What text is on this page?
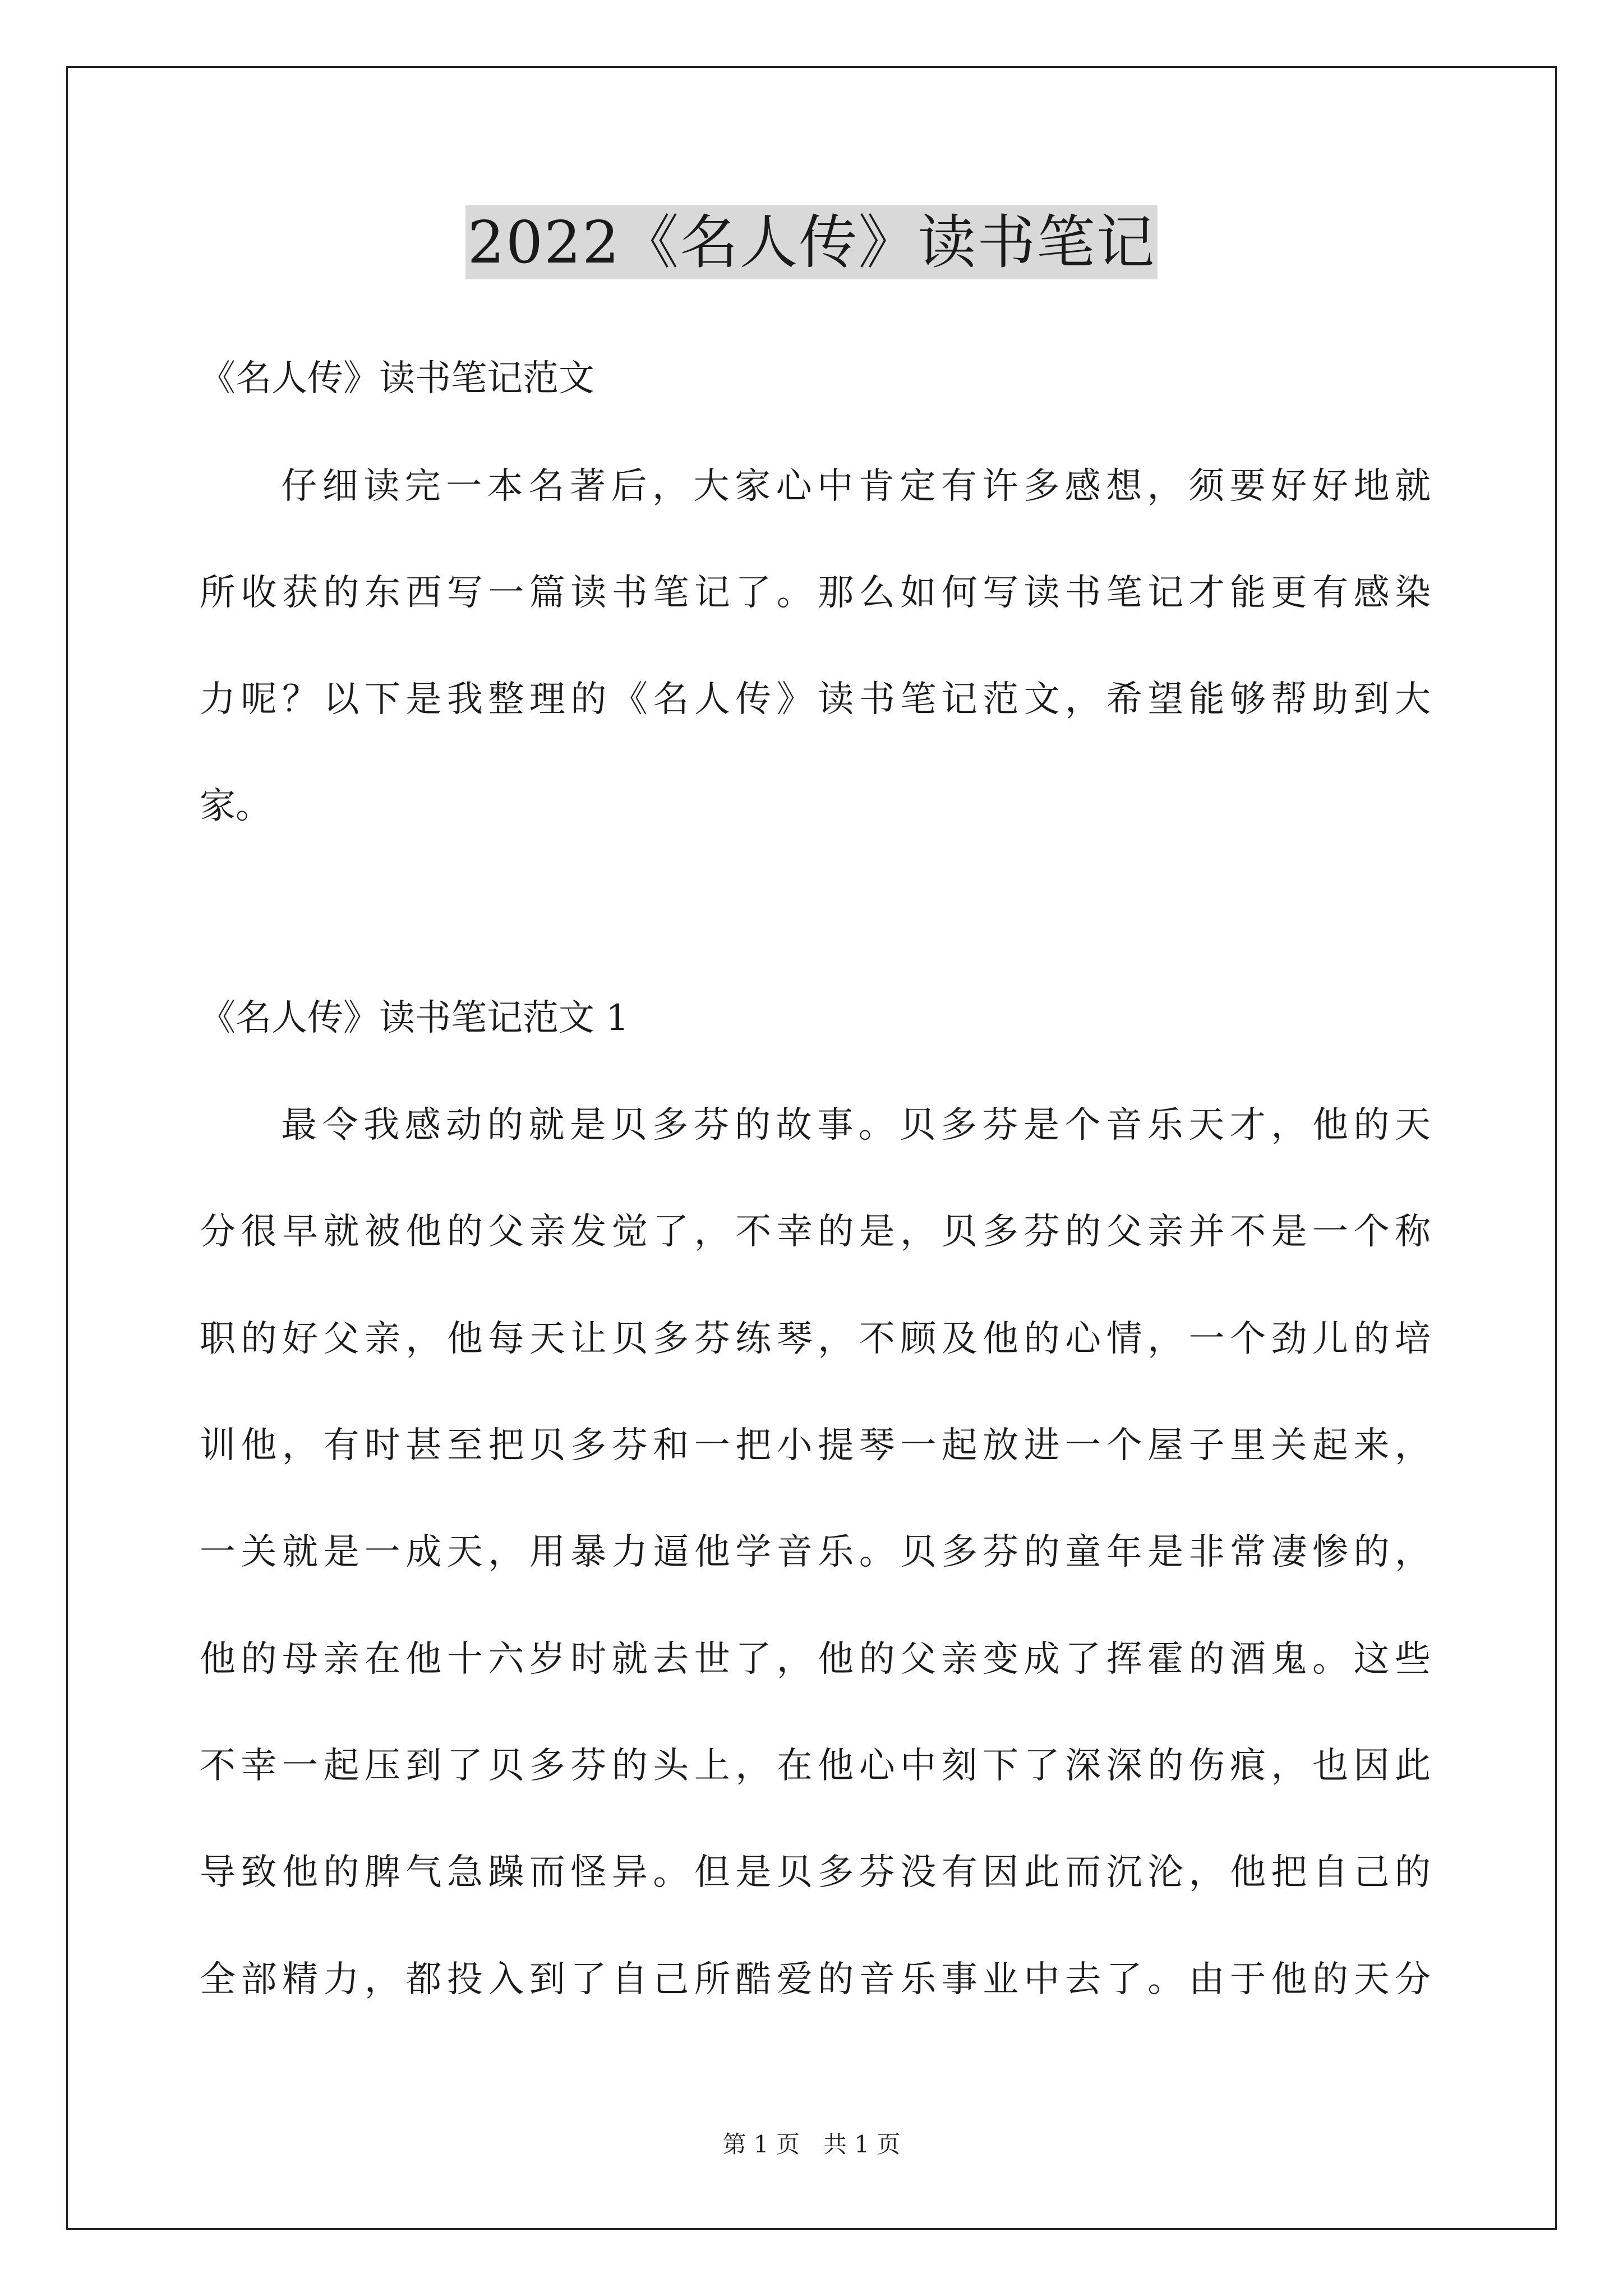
2022《名人传》读书笔记
《名人传》读书笔记范文
仔细读完一本名著后，大家心中肯定有许多感想，须要好好地就
所收获的东西写一篇读书笔记了。那么如何写读书笔记才能更有感染
力呢？以下是我整理的《名人传》读书笔记范文，希望能够帮助到大
家。
《名人传》读书笔记范文 1
最令我感动的就是贝多芬的故事。贝多芬是个音乐天才，他的天
分很早就被他的父亲发觉了，不幸的是，贝多芬的父亲并不是一个称
职的好父亲，他每天让贝多芬练琴，不顾及他的心情，一个劲儿的培
训他，有时甚至把贝多芬和一把小提琴一起放进一个屋子里关起来，
一关就是一成天，用暴力逼他学音乐。贝多芬的童年是非常凄惨的，
他的母亲在他十六岁时就去世了，他的父亲变成了挥霍的酒鬼。这些
不幸一起压到了贝多芬的头上，在他心中刻下了深深的伤痕，也因此
导致他的脾气急躁而怪异。但是贝多芬没有因此而沉沦，他把自己的
全部精力，都投入到了自己所酷爱的音乐事业中去了。由于他的天分
第 1 页　共 1 页
